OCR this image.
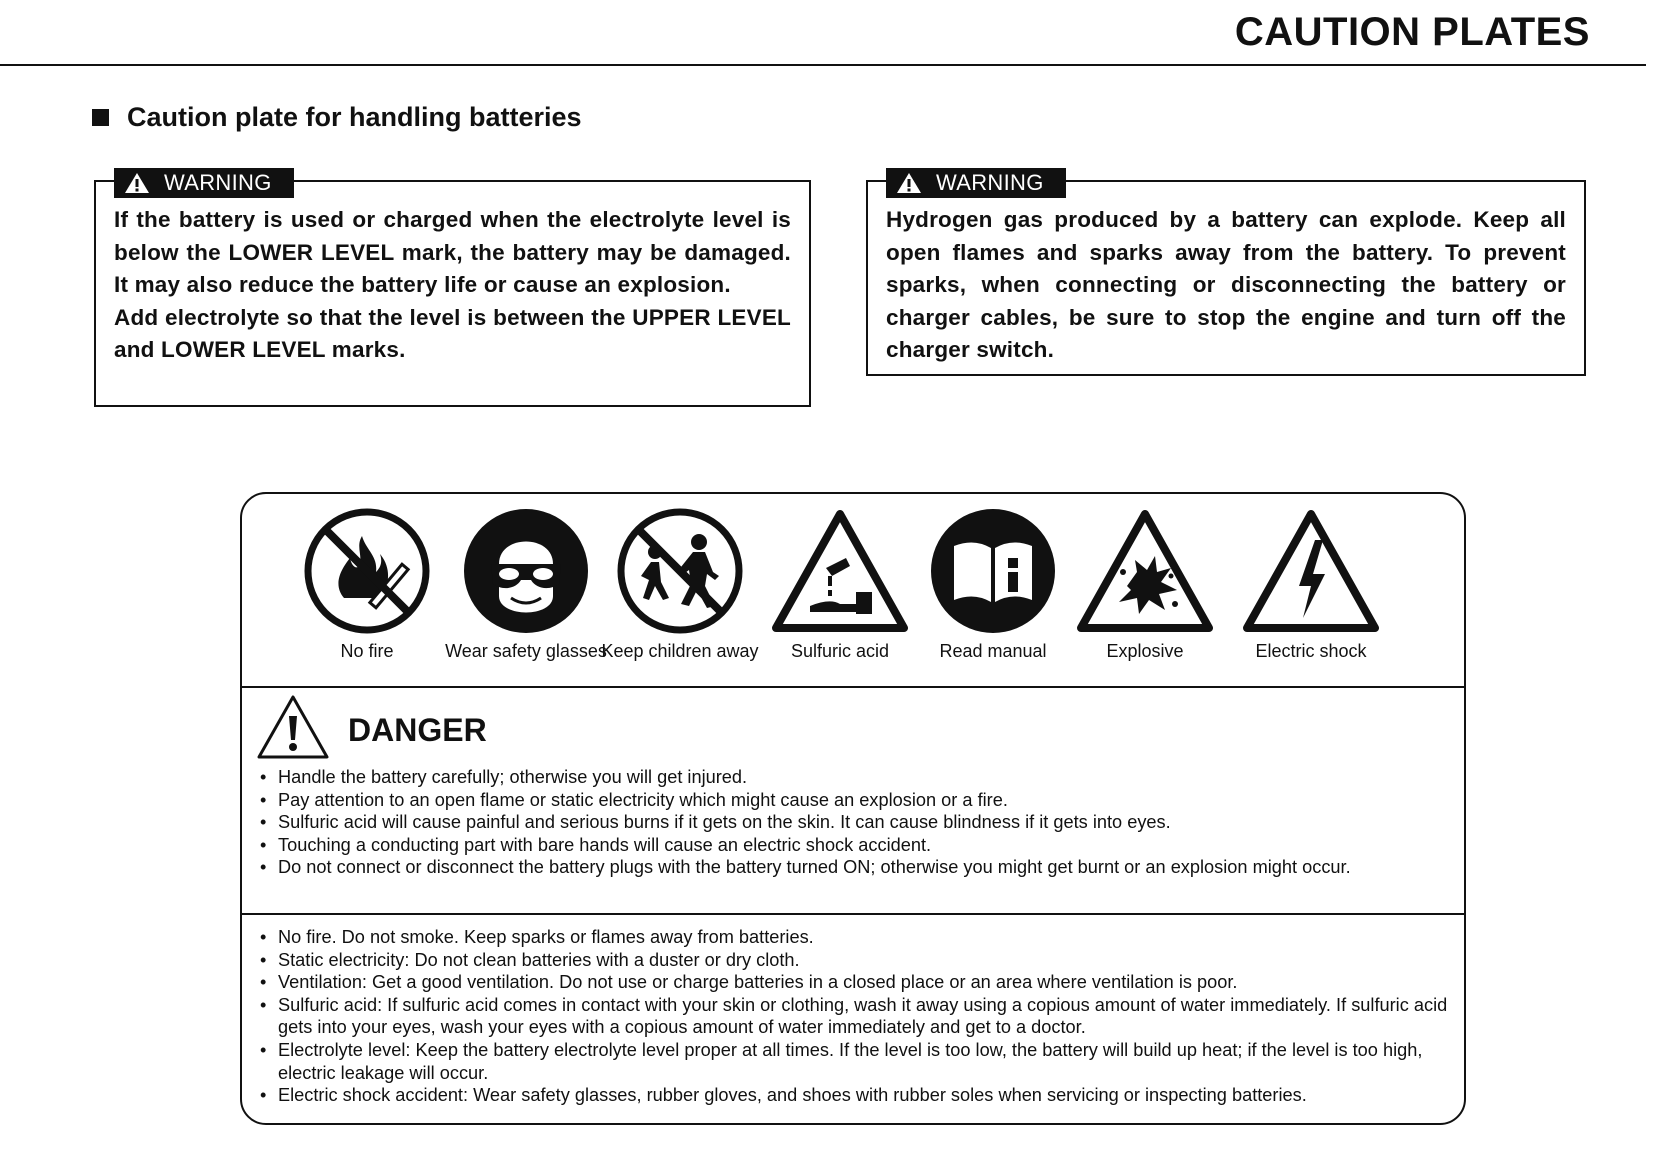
CAUTION PLATES
Caution plate for handling batteries
WARNING

If the battery is used or charged when the electrolyte level is below the LOWER LEVEL mark, the battery may be damaged. It may also reduce the battery life or cause an explosion.

Add electrolyte so that the level is between the UPPER LEVEL and LOWER LEVEL marks.

WARNING

Hydrogen gas produced by a battery can explode. Keep all open flames and sparks away from the battery. To prevent sparks, when connecting or disconnecting the battery or charger cables, be sure to stop the engine and turn off the charger switch.

No fire	Wear safety glasses
Keep children away	Sulfuric acid	Read manual	Explosive	Electric shock
DANGER
• Handle the battery carefully; otherwise you will get injured.
• Pay attention to an open flame or static electricity which might cause an explosion or a fire.
• Sulfuric acid will cause painful and serious burns if it gets on the skin. It can cause blindness if it gets into eyes.
• Touching a conducting part with bare hands will cause an electric shock accident.
• Do not connect or disconnect the battery plugs with the battery turned ON; otherwise you might get burnt or an explosion might occur.
• No fire. Do not smoke. Keep sparks or flames away from batteries.
• Static electricity: Do not clean batteries with a duster or dry cloth.
• Ventilation: Get a good ventilation. Do not use or charge batteries in a closed place or an area where ventilation is poor.
• Sulfuric acid: If sulfuric acid comes in contact with your skin or clothing, wash it away using a copious amount of water immediately. If sulfuric acid gets into your eyes, wash your eyes with a copious amount of water immediately and get to a doctor.
• Electrolyte level: Keep the battery electrolyte level proper at all times. If the level is too low, the battery will build up heat; if the level is too high, electric leakage will occur.
• Electric shock accident: Wear safety glasses, rubber gloves, and shoes with rubber soles when servicing or inspecting batteries.
